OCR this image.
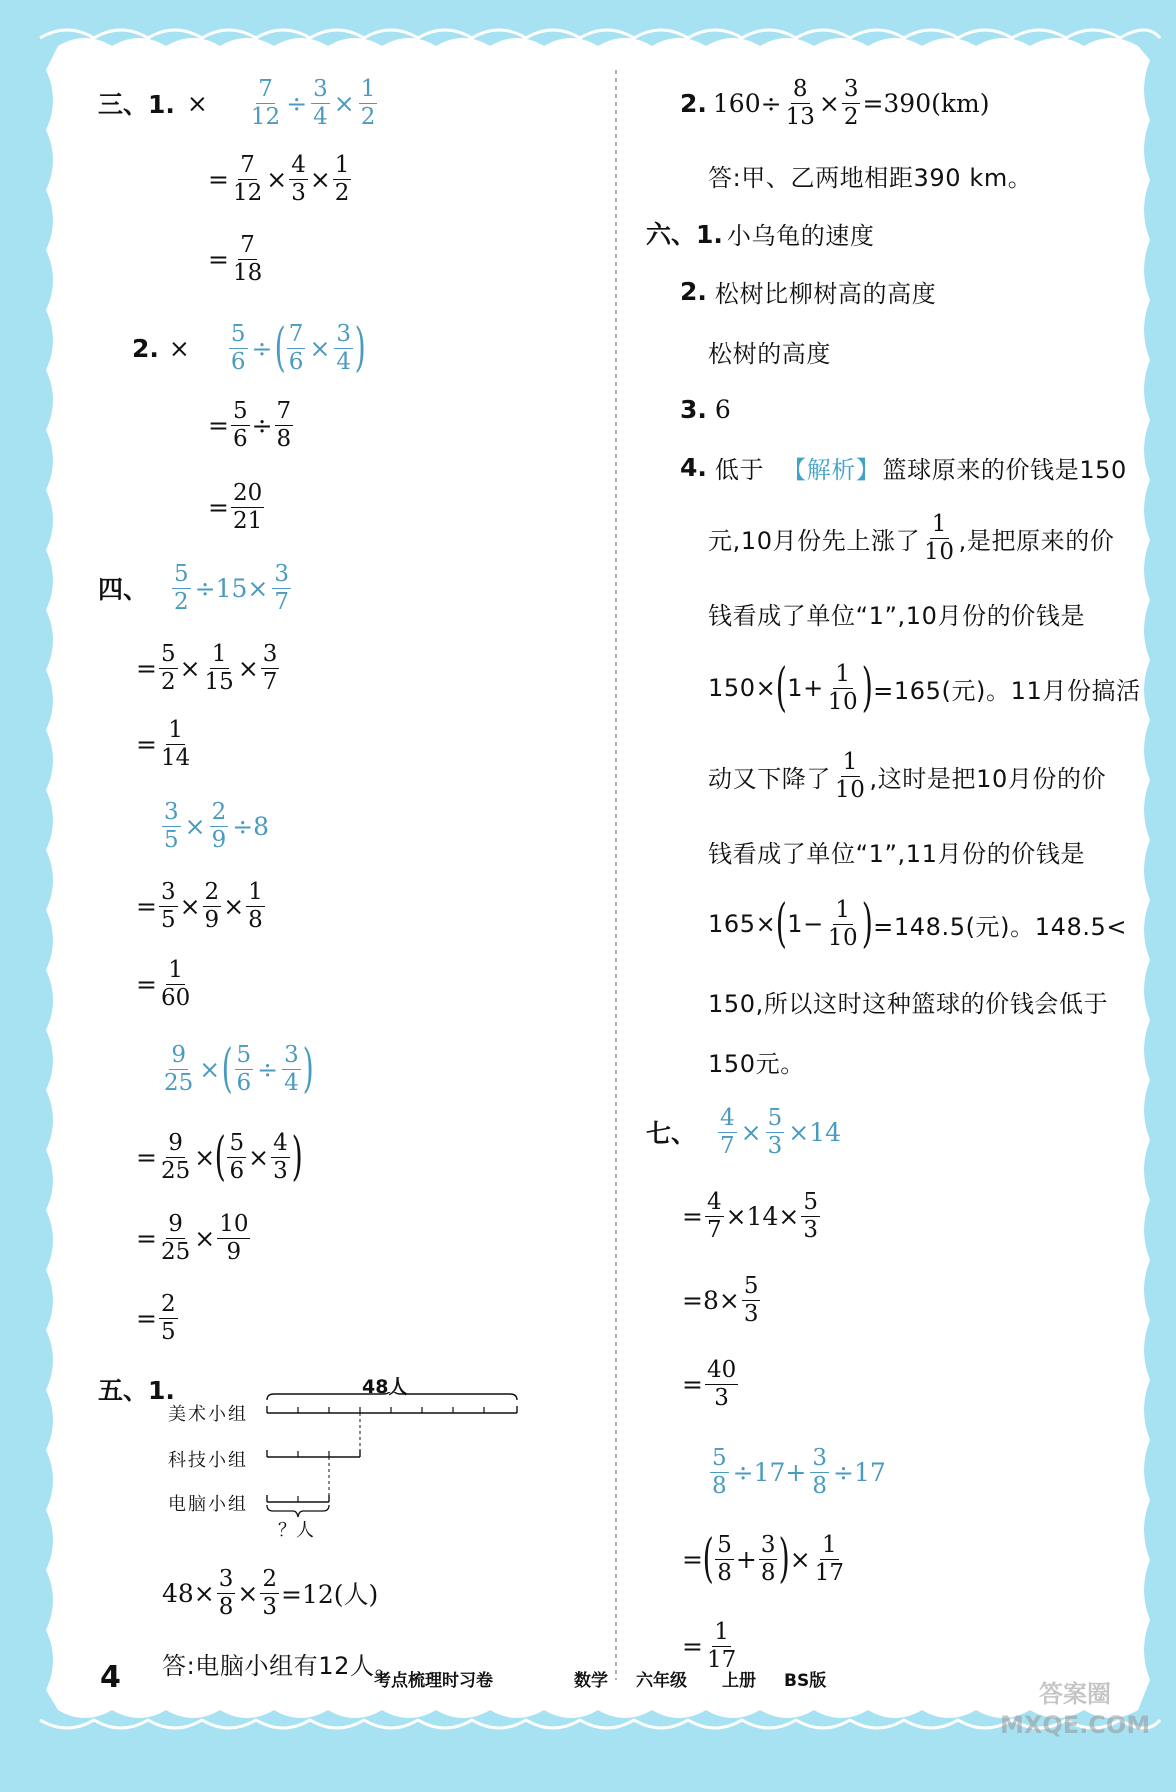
三、1. ×	$\frac{7}{12} \div \frac{3}{4} \times \frac{1}{2}$
= $\frac{7}{12} \times \frac{4}{3} \times \frac{1}{2}$
= $\frac{7}{18}$
2. ×	$\frac{5}{6}$ ÷ ( $\frac{7}{6} \times \frac{3}{4}$ )
= $\frac{5}{6} \div \frac{7}{8}$
= $\frac{20}{21}$
四、 $\frac{5}{2} \div 15\times \frac{3}{7}$
= $\frac{5}{2} \times \frac{1}{15} \times \frac{3}{7}$
= $\frac{1}{14}$
$\frac{3}{5} \times \frac{2}{9} \div 8$
= $\frac{3}{5} \times \frac{2}{9} \times \frac{1}{8}$
= $\frac{1}{60}$
$\frac{9}{25}$ × ( $\frac{5}{6} \div \frac{3}{4}$ )
= $\frac{9}{25}$ × ( $\frac{5}{6} \times \frac{4}{3}$ )
= $\frac{9}{25} \times \frac{10}{9}$
= $\frac{2}{5}$
五、1.	48人
美术小组
科技小组
电脑小组
？人
$48\times \frac{3}{8} \times \frac{2}{3} =12$(人)
答:电脑小组有12人。
2. $160\div \frac{8}{13} \times \frac{3}{2} =390(km)$
答:甲、乙两地相距390 km。
六、1. 小乌龟的速度
2. 松树比柳树高的高度
松树的高度
3. 6
4. 低于 【解析】 篮球原来的价钱是150
元,10月份先上涨了 $\frac{1}{10}$ ,是把原来的价
钱看成了单位“1”,10月份的价钱是
150× ( $1+ \frac{1}{10}$ ) =165(元)。11月份搞活
动又下降了 $\frac{1}{10}$ ,这时是把10月份的价
钱看成了单位“1”,11月份的价钱是
165× ( $1- \frac{1}{10}$ ) =148.5(元)。148.5<
150,所以这时这种篮球的价钱会低于
150元。
七、 $\frac{4}{7} \times \frac{5}{3} \times 14$
= $\frac{4}{7} \times 14\times \frac{5}{3}$
$=8\times \frac{5}{3}$
= $\frac{40}{3}$
$\frac{5}{8} \div 17+ \frac{3}{8} \div 17$
= ( $\frac{5}{8} + \frac{3}{8}$ ) × $\frac{1}{17}$
= $\frac{1}{17}$
4	考点梳理时习卷	数学 六年级 上册 BS版	答案圈 MXQE.COM
